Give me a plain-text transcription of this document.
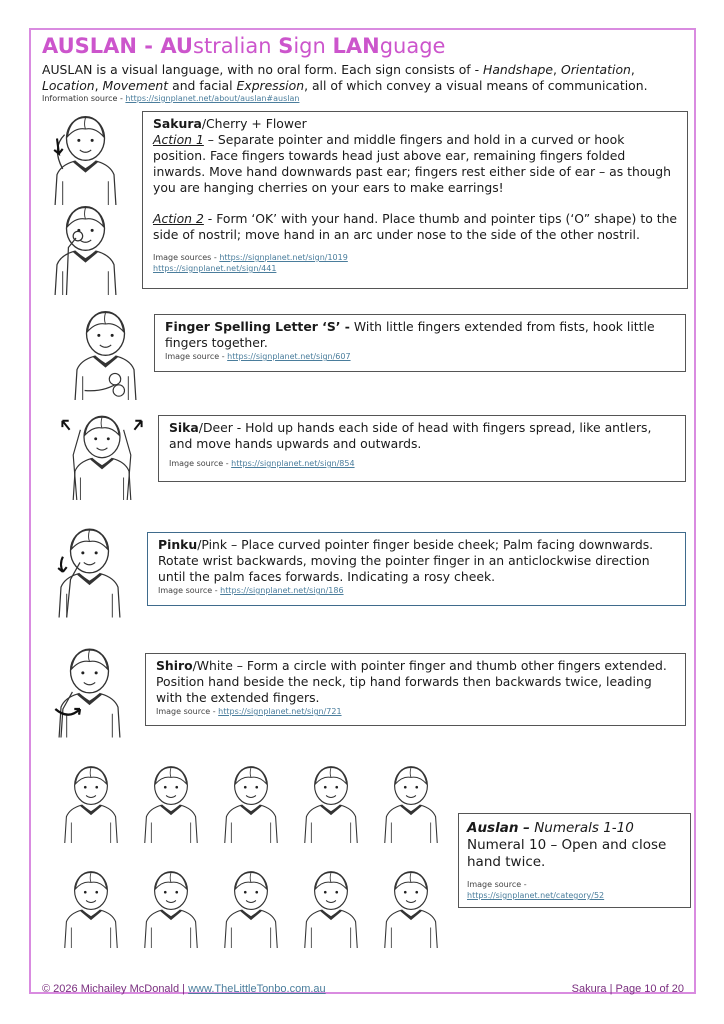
AUSLAN - AUstralian Sign LANguage
AUSLAN is a visual language, with no oral form. Each sign consists of - Handshape, Orientation, Location, Movement and facial Expression, all of which convey a visual means of communication.
Information source - https://signplanet.net/about/auslan#auslan
Sakura/Cherry + Flower
Action 1 – Separate pointer and middle fingers and hold in a curved or hook position. Face fingers towards head just above ear, remaining fingers folded inwards. Move hand downwards past ear; fingers rest either side of ear – as though you are hanging cherries on your ears to make earrings!
Action 2 - Form ‘OK’ with your hand. Place thumb and pointer tips (‘O” shape) to the side of nostril; move hand in an arc under nose to the side of the other nostril.
Image sources - https://signplanet.net/sign/1019
https://signplanet.net/sign/441
Finger Spelling Letter ‘S’ - With little fingers extended from fists, hook little fingers together.
Image source - https://signplanet.net/sign/607
Sika/Deer - Hold up hands each side of head with fingers spread, like antlers, and move hands upwards and outwards.
Image source - https://signplanet.net/sign/854
Pinku/Pink – Place curved pointer finger beside cheek; Palm facing downwards. Rotate wrist backwards, moving the pointer finger in an anticlockwise direction until the palm faces forwards. Indicating a rosy cheek.
Image source - https://signplanet.net/sign/186
Shiro/White – Form a circle with pointer finger and thumb other fingers extended. Position hand beside the neck, tip hand forwards then backwards twice, leading with the extended fingers.
Image source - https://signplanet.net/sign/721
Auslan – Numerals 1-10
Numeral 10 – Open and close hand twice.
Image source -
https://signplanet.net/category/52
© 2026 Michailey McDonald | www.TheLittleTonbo.com.au	Sakura | Page 10 of 20
